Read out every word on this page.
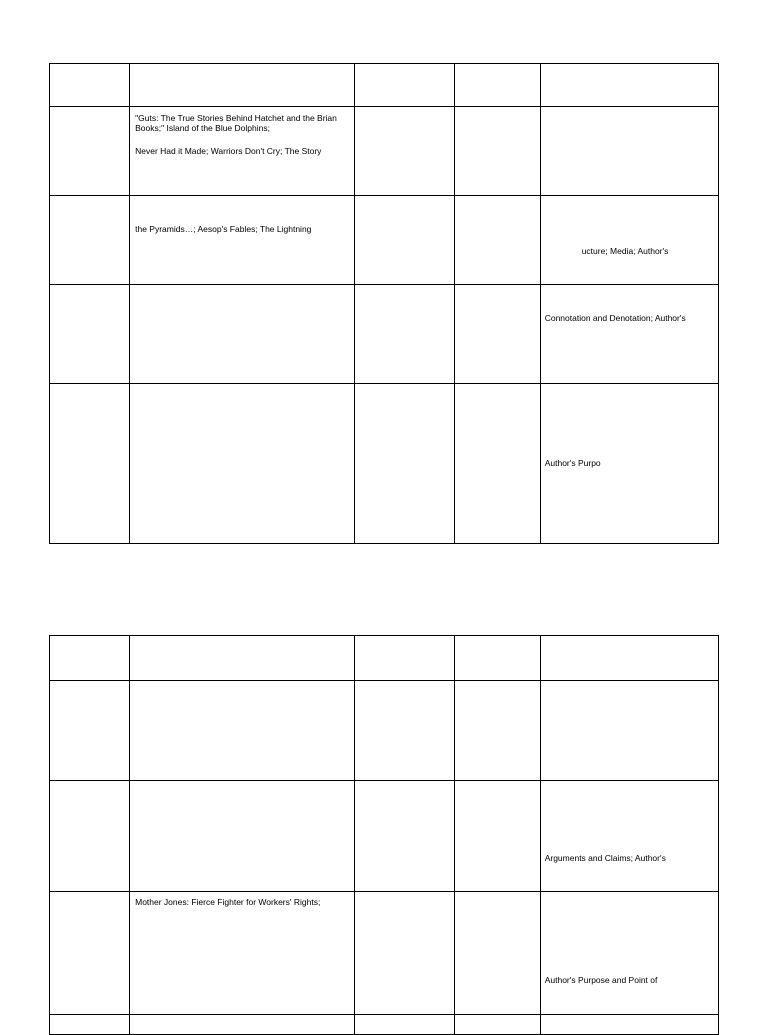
	"Guts: The True Stories Behind Hatchet and the Brian Books;" Island of the Blue Dolphins;
Never Had it Made; Warriors Don't Cry; The Story			

	the Pyramids…; Aesop's Fables; The Lightning			ucture; Media; Author's

				Connotation and Denotation; Author's

				Author's Purpo

				Arguments and Claims; Author's

	Mother Jones: Fierce Fighter for Workers' Rights;			Author's Purpose and Point of
